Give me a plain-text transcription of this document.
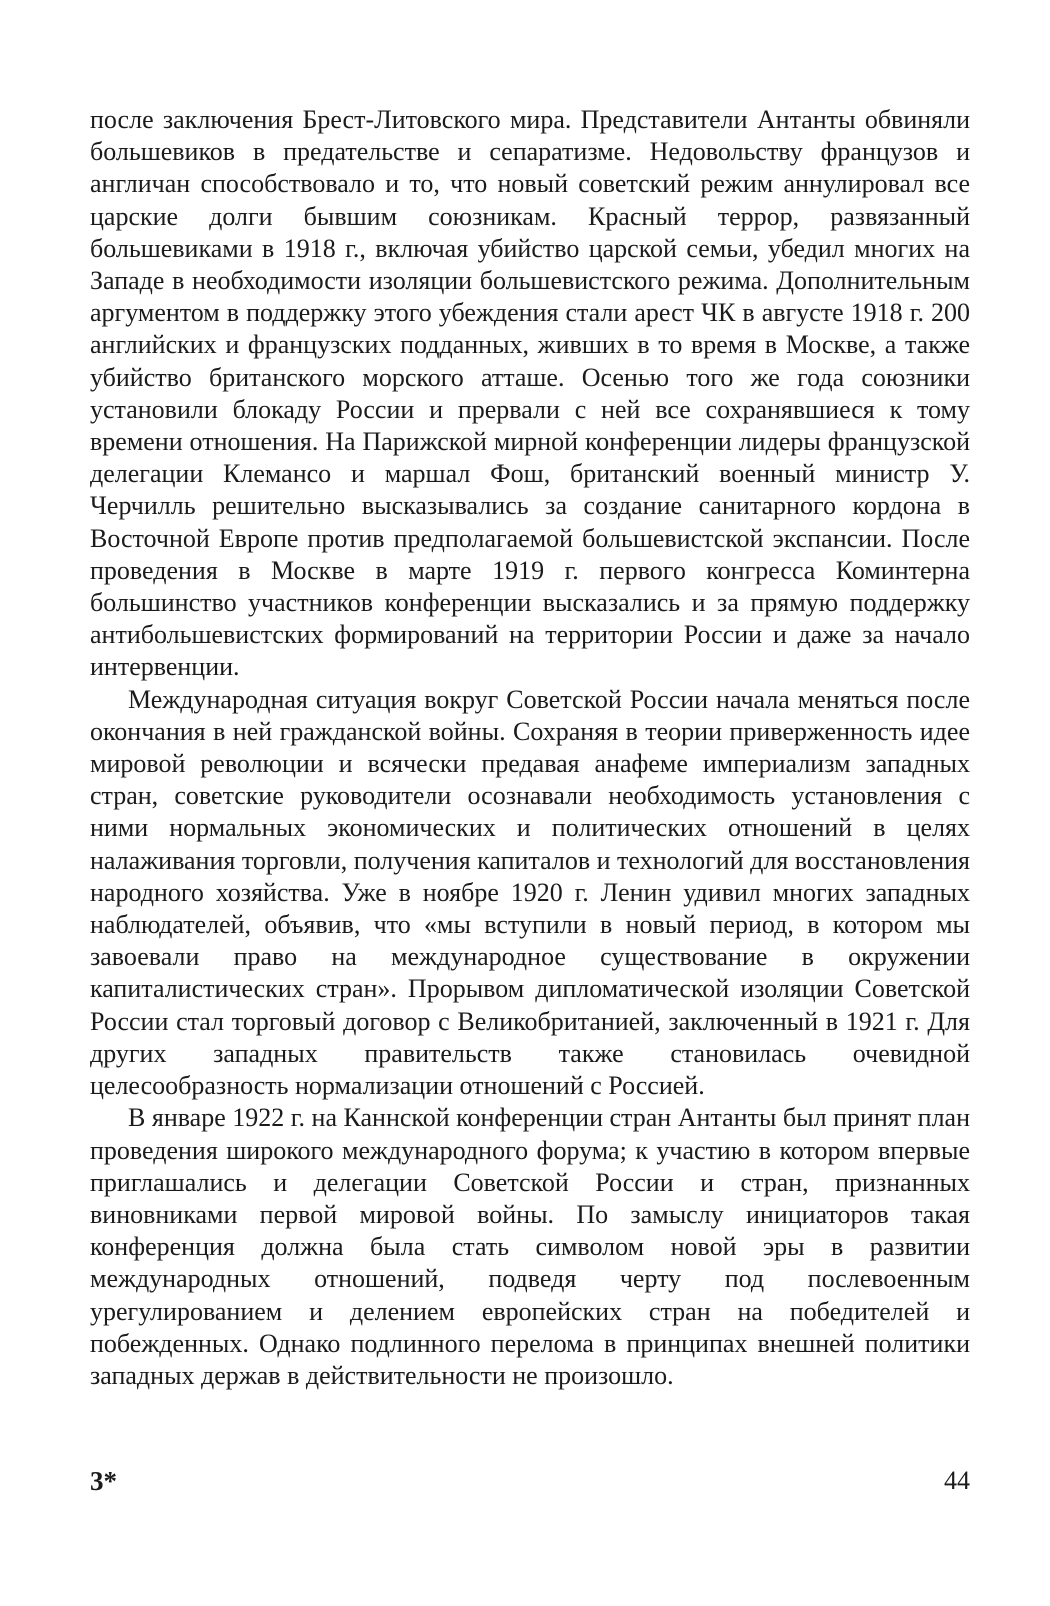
после заключения Брест-Литовского мира. Представители Антанты обвиняли большевиков в предательстве и сепаратизме. Недовольству французов и англичан способствовало и то, что новый советский режим аннулировал все царские долги бывшим союзникам. Красный террор, развязанный большевиками в 1918 г., включая убийство царской семьи, убедил многих на Западе в необходимости изоляции большевистского режима. Дополнительным аргументом в поддержку этого убеждения стали арест ЧК в августе 1918 г. 200 английских и французских подданных, живших в то время в Москве, а также убийство британского морского атташе. Осенью того же года союзники установили блокаду России и прервали с ней все сохранявшиеся к тому времени отношения. На Парижской мирной конференции лидеры французской делегации Клемансо и маршал Фош, британский военный министр У. Черчилль решительно высказывались за создание санитарного кордона в Восточной Европе против предполагаемой большевистской экспансии. После проведения в Москве в марте 1919 г. первого конгресса Коминтерна большинство участников конференции высказались и за прямую поддержку антибольшевистских формирований на территории России и даже за начало интервенции.

Международная ситуация вокруг Советской России начала меняться после окончания в ней гражданской войны. Сохраняя в теории приверженность идее мировой революции и всячески предавая анафеме империализм западных стран, советские руководители осознавали необходимость установления с ними нормальных экономических и политических отношений в целях налаживания торговли, получения капиталов и технологий для восстановления народного хозяйства. Уже в ноябре 1920 г. Ленин удивил многих западных наблюдателей, объявив, что «мы вступили в новый период, в котором мы завоевали право на международное существование в окружении капиталистических стран». Прорывом дипломатической изоляции Советской России стал торговый договор с Великобританией, заключенный в 1921 г. Для других западных правительств также становилась очевидной целесообразность нормализации отношений с Россией.

В январе 1922 г. на Каннской конференции стран Антанты был принят план проведения широкого международного форума; к участию в котором впервые приглашались и делегации Советской России и стран, признанных виновниками первой мировой войны. По замыслу инициаторов такая конференция должна была стать символом новой эры в развитии международных отношений, подведя черту под послевоенным урегулированием и делением европейских стран на победителей и побежденных. Однако подлинного перелома в принципах внешней политики западных держав в действительности не произошло.

3*	44
